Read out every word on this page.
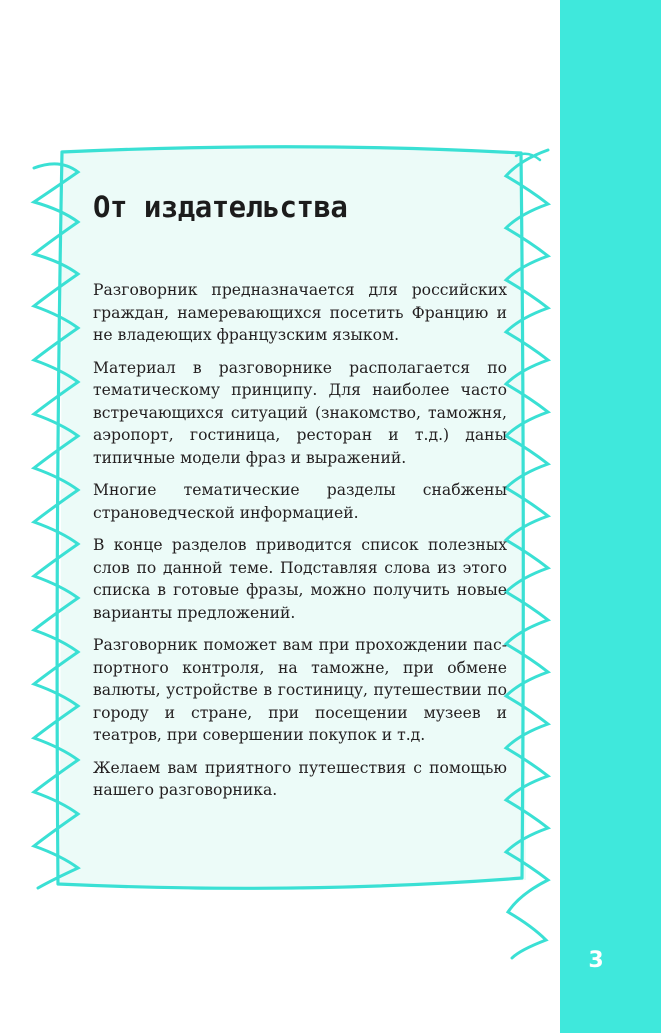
3
От издательства

Разговорник предназначается для российских граждан, намеревающихся посетить Францию и не владеющих французским языком.

Материал в разговорнике располагается по тематическому принципу. Для наиболее часто встречающихся ситуаций (знакомство, таможня, аэропорт, гостиница, ресторан и т.д.) даны типичные модели фраз и выражений.

Многие тематические разделы снабжены страноведческой информацией.

В конце разделов приводится список полезных слов по данной теме. Подставляя слова из этого списка в готовые фразы, можно получить новые варианты предложений.

Разговорник поможет вам при прохождении паспортного контроля, на таможне, при обмене валюты, устройстве в гостиницу, путешествии по городу и стране, при посещении музеев и театров, при совершении покупок и т.д.

Желаем вам приятного путешествия с помощью нашего разговорника.
